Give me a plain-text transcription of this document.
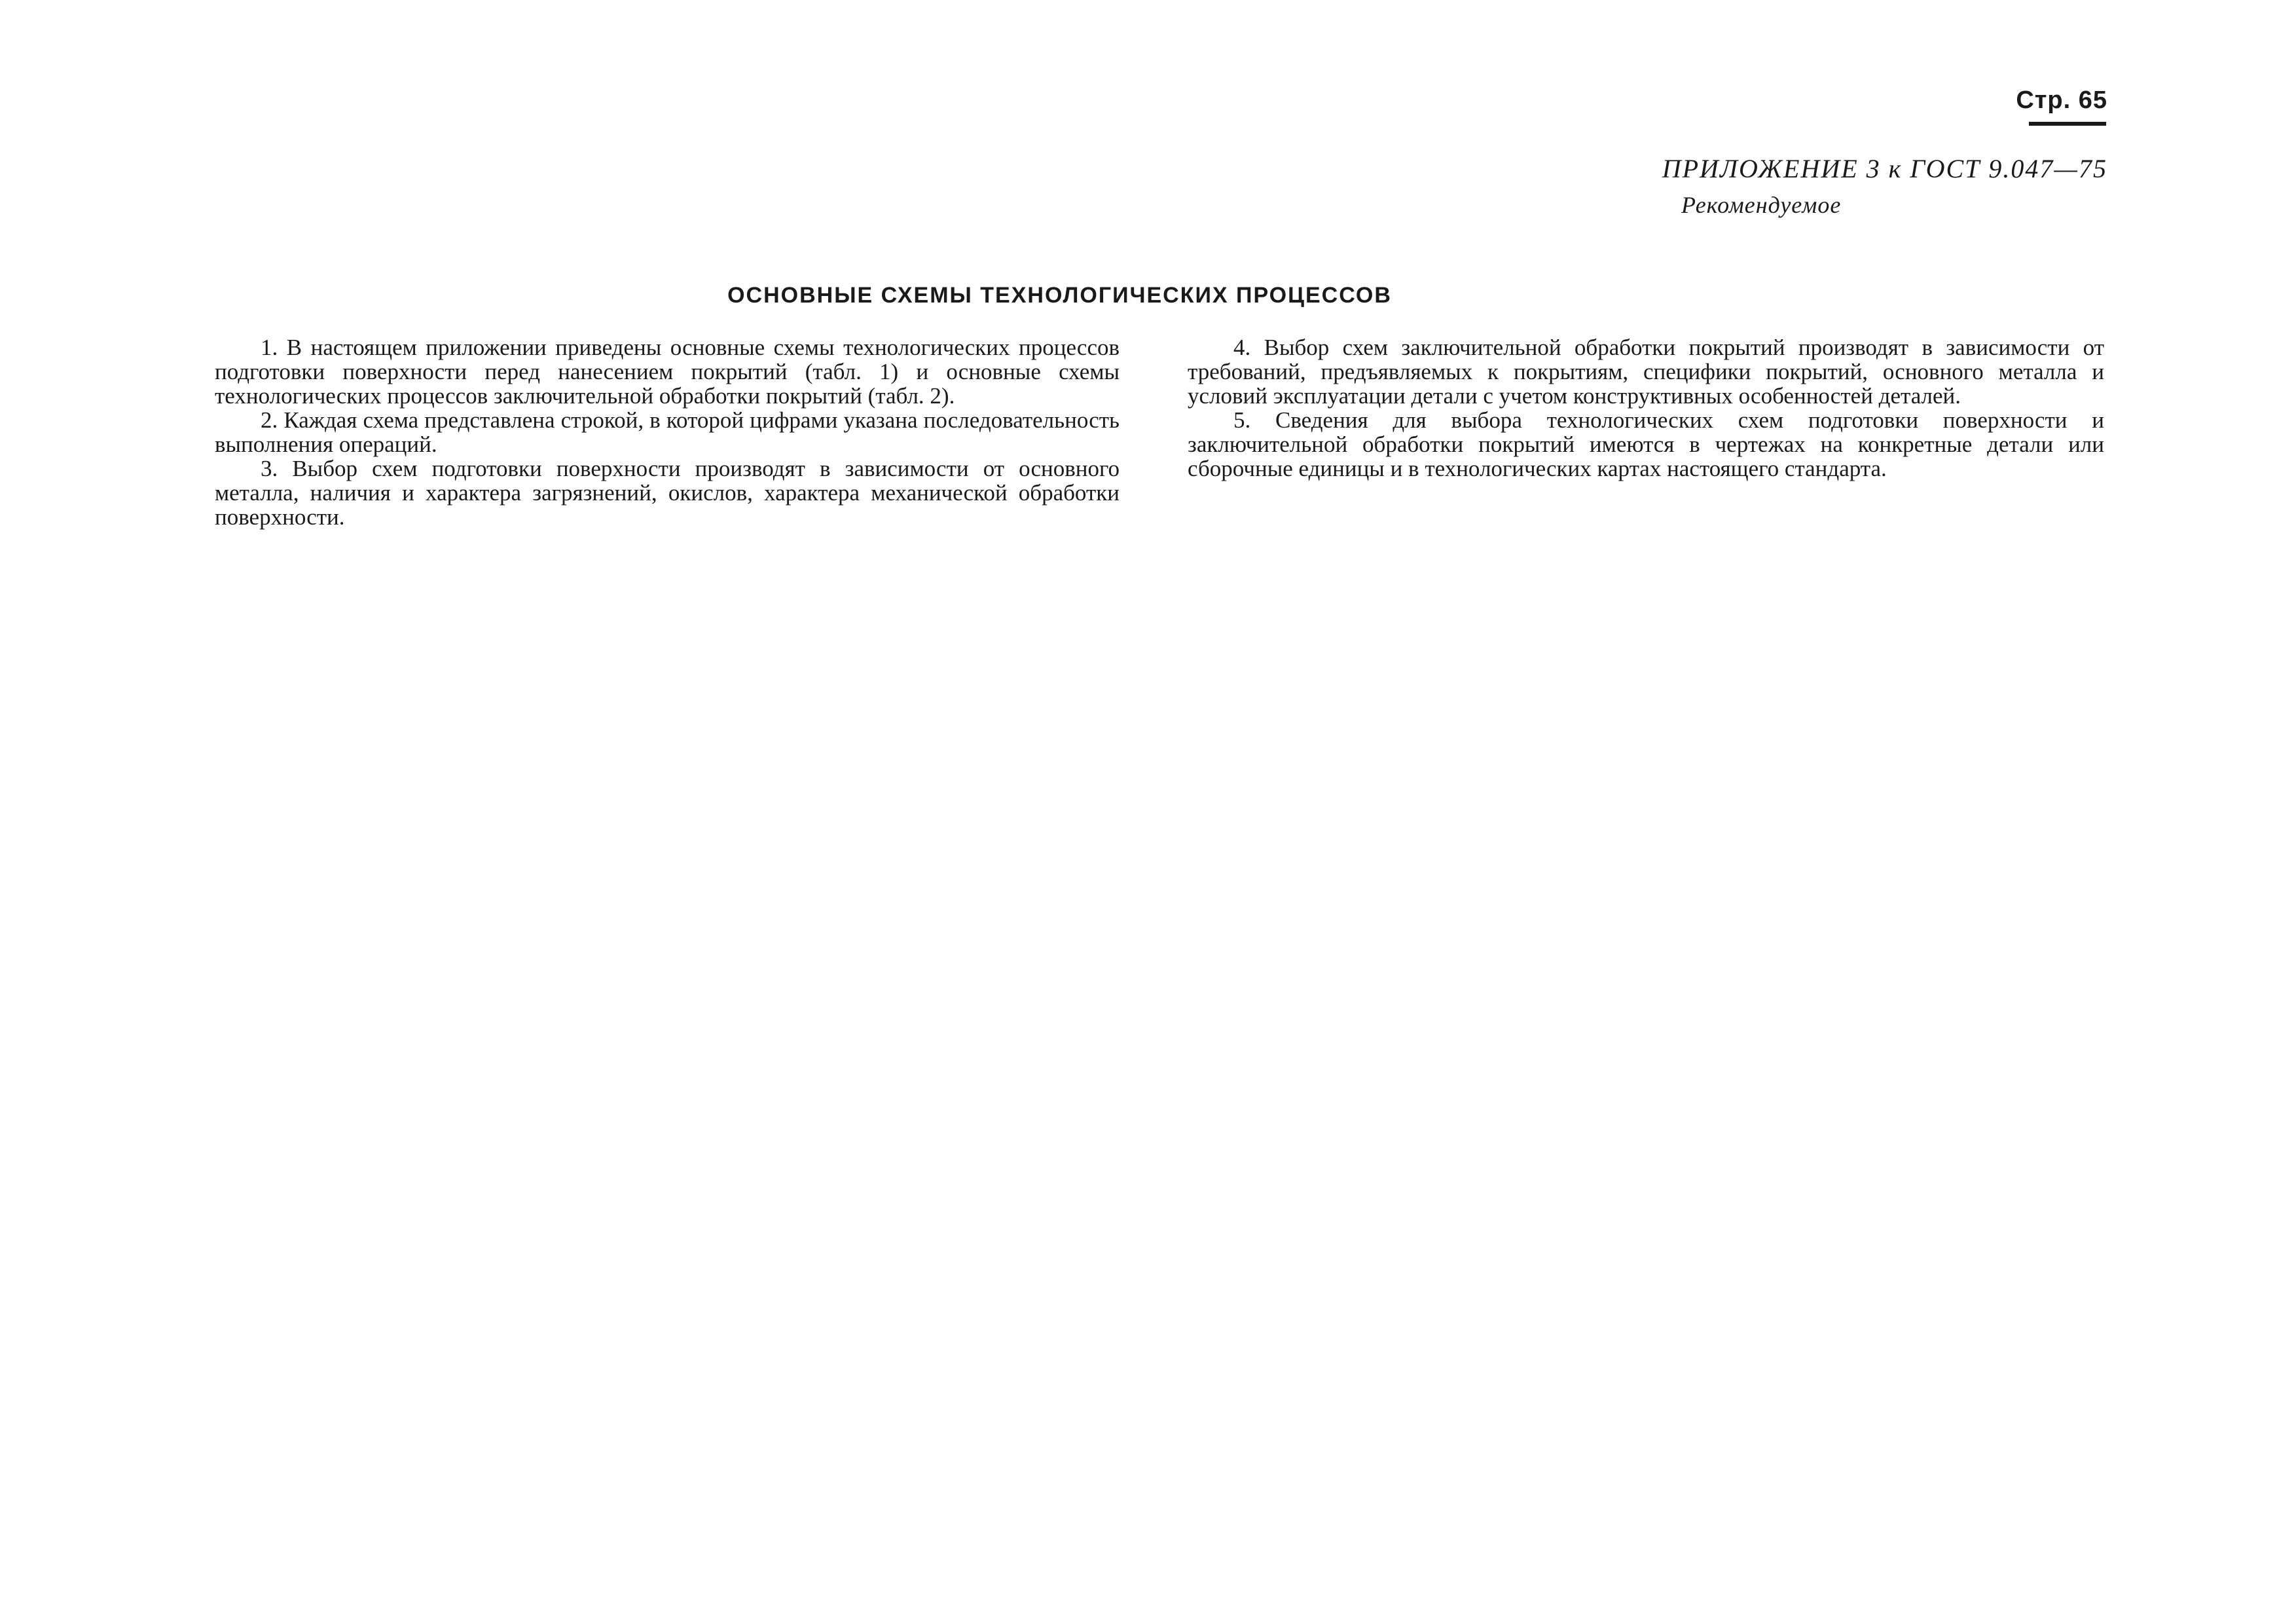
Стр. 65
ПРИЛОЖЕНИЕ 3 к ГОСТ 9.047—75
Рекомендуемое
ОСНОВНЫЕ СХЕМЫ ТЕХНОЛОГИЧЕСКИХ ПРОЦЕССОВ

1. В настоящем приложении приведены основные схемы технологических процессов подготовки поверхности перед нанесением покрытий (табл. 1) и основные схемы технологических процессов заключительной обработки покрытий (табл. 2).

2. Каждая схема представлена строкой, в которой цифрами указана последовательность выполнения операций.

3. Выбор схем подготовки поверхности производят в зависимости от основного металла, наличия и характера загрязнений, окислов, характера механической обработки поверхности.

4. Выбор схем заключительной обработки покрытий производят в зависимости от требований, предъявляемых к покрытиям, специфики покрытий, основного металла и условий эксплуатации детали с учетом конструктивных особенностей деталей.

5. Сведения для выбора технологических схем подготовки поверхности и заключительной обработки покрытий имеются в чертежах на конкретные детали или сборочные единицы и в технологических картах настоящего стандарта.
